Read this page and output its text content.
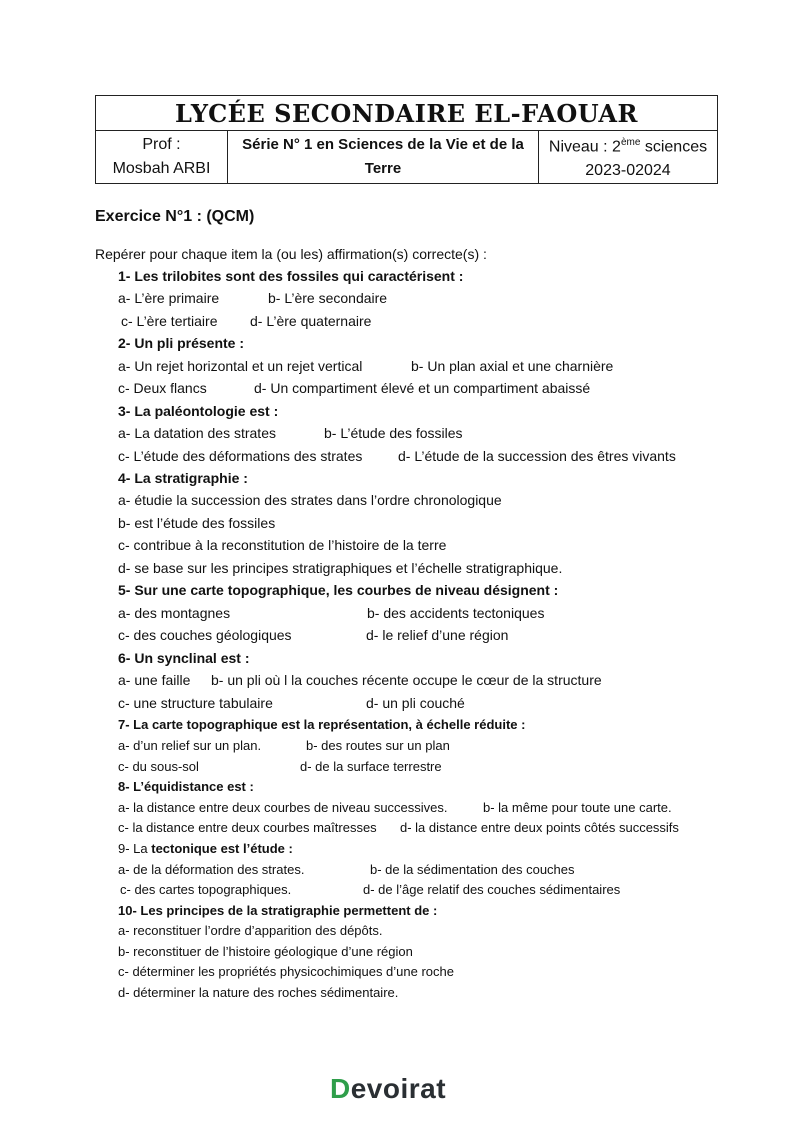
LYCÉE SECONDAIRE EL-FAOUAR

Prof :
Mosbah ARBI

Série N° 1 en Sciences de la Vie et de la
Terre

Niveau : 2ème sciences
2023-02024
Exercice N°1 : (QCM)
Repérer pour chaque item la (ou les) affirmation(s) correcte(s) :
1- Les trilobites sont des fossiles qui caractérisent :
a- L’ère primaire	b- L’ère secondaire
c- L’ère tertiaire d- L’ère quaternaire
2- Un pli présente :
a- Un rejet horizontal et un rejet vertical	b- Un plan axial et une charnière
c- Deux flancs	d- Un compartiment élevé et un compartiment abaissé
3- La paléontologie est :
a- La datation des strates	b- L’étude des fossiles
c- L’étude des déformations des strates	d- L’étude de la succession des êtres vivants
4- La stratigraphie :
a- étudie la succession des strates dans l’ordre chronologique
b- est l’étude des fossiles
c- contribue à la reconstitution de l’histoire de la terre
d- se base sur les principes stratigraphiques et l’échelle stratigraphique.
5- Sur une carte topographique, les courbes de niveau désignent :
a- des montagnes	b- des accidents tectoniques
c- des couches géologiques	d- le relief d’une région
6- Un synclinal est :
a- une faille b- un pli où l la couches récente occupe le cœur de la structure
c- une structure tabulaire	d- un pli couché
7- La carte topographique est la représentation, à échelle réduite :
a- d’un relief sur un plan.	b- des routes sur un plan
c- du sous-sol	d- de la surface terrestre
8- L’équidistance est :
a- la distance entre deux courbes de niveau successives.	b- la même pour toute une carte.
c- la distance entre deux courbes maîtresses d- la distance entre deux points côtés successifs
9- La tectonique est l’étude :
a- de la déformation des strates.	b- de la sédimentation des couches
c- des cartes topographiques.	d- de l’âge relatif des couches sédimentaires
10- Les principes de la stratigraphie permettent de :
a- reconstituer l’ordre d’apparition des dépôts.
b- reconstituer de l’histoire géologique d’une région
c- déterminer les propriétés physicochimiques d’une roche
d- déterminer la nature des roches sédimentaire.
Devoirat
